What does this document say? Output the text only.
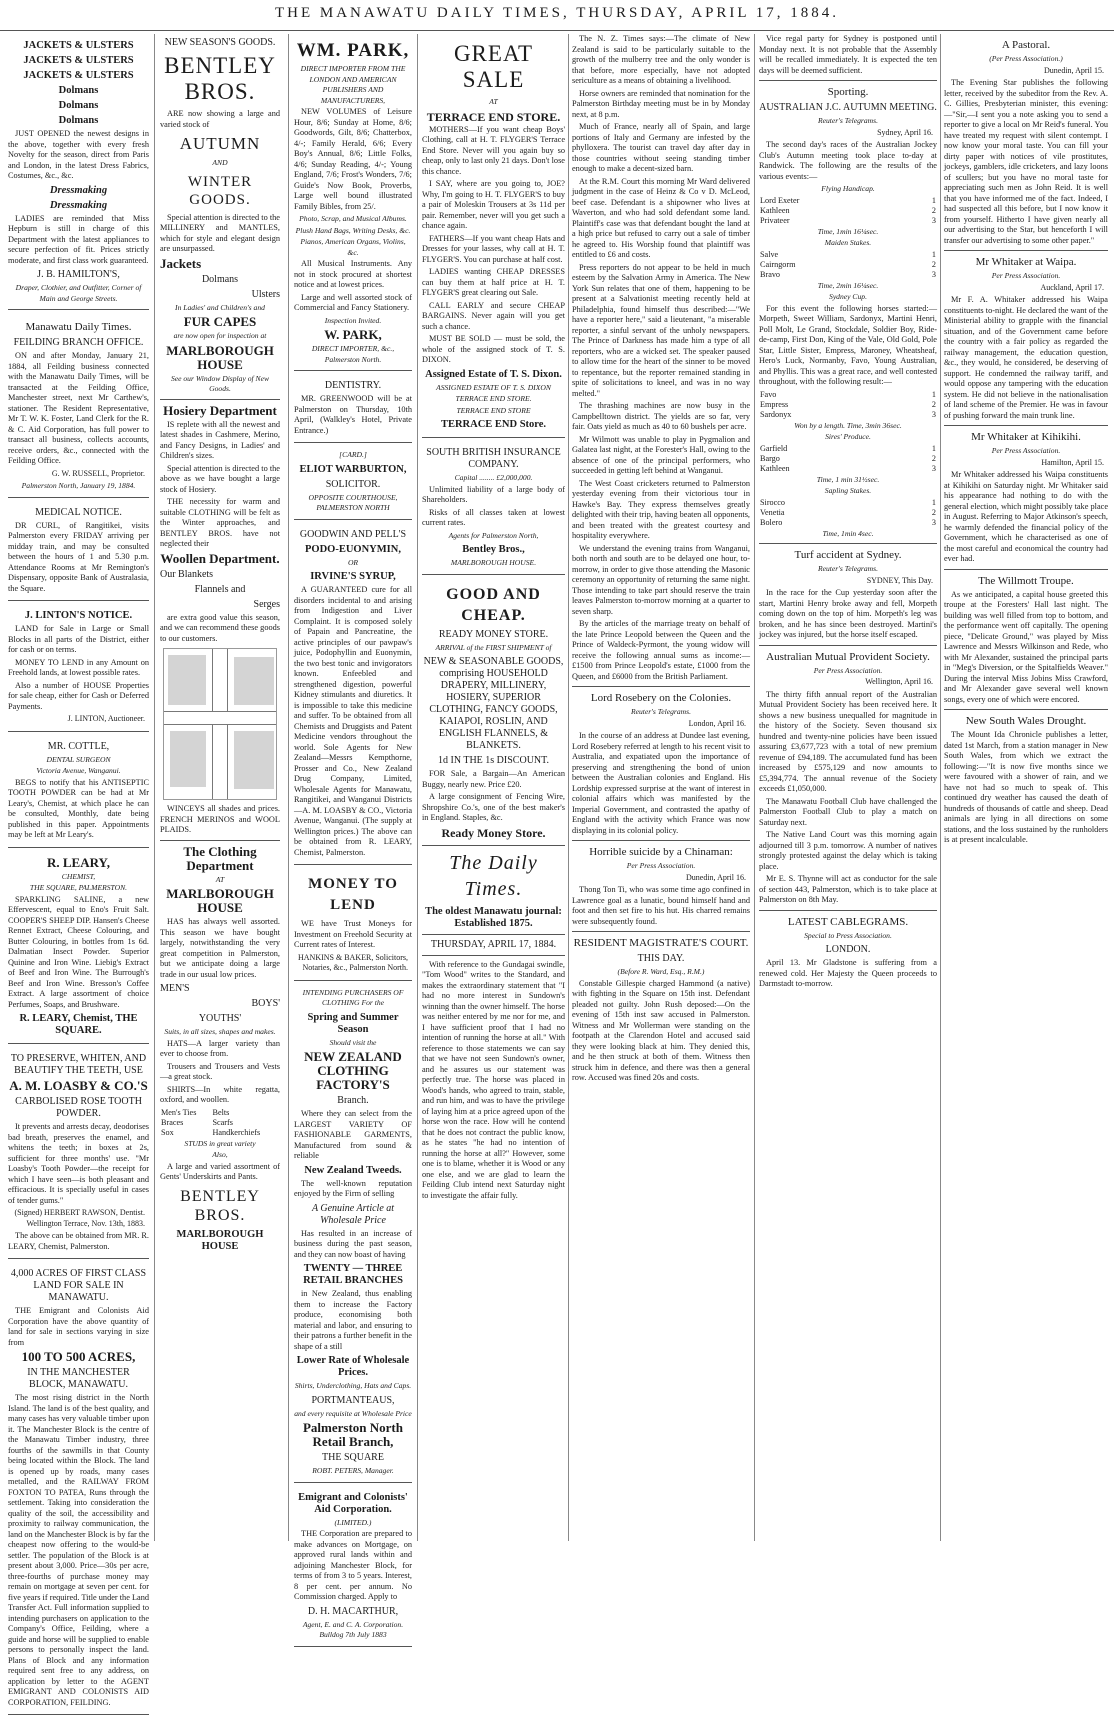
THE MANAWATU DAILY TIMES, THURSDAY, APRIL 17, 1884.
JACKETS & ULSTERS
JACKETS & ULSTERS
JACKETS & ULSTERS
Dolmans
Dolmans
Dolmans

JUST OPENED the newest designs in the above, together with every fresh Novelty for the season, direct from Paris and London, in the latest Dress Fabrics, Costumes, &c., &c.

Dressmaking
Dressmaking

LADIES are reminded that Miss Hepburn is still in charge of this Department with the latest appliances to secure perfection of fit. Prices strictly moderate, and first class work guaranteed.

J. B. HAMILTON'S,
Draper, Clothier, and Outfitter, Corner of Main and George Streets.
Manawatu Daily Times.
FEILDING BRANCH OFFICE.

ON and after Monday, January 21, 1884, all Feilding business connected with the Manawatu Daily Times, will be transacted at the Feilding Office, Manchester street, next Mr Carthew's, stationer. The Resident Representative, Mr T. W. K. Foster, Land Clerk for the R. & C. Aid Corporation, has full power to transact all business, collects accounts, receive orders, &c., connected with the Feilding Office.

G. W. RUSSELL, Proprietor.
Palmerston North, January 19, 1884.
MEDICAL NOTICE.

DR CURL, of Rangitikei, visits Palmerston every FRIDAY arriving per midday train, and may be consulted between the hours of 1 and 5.30 p.m. Attendance Rooms at Mr Remington's Dispensary, opposite Bank of Australasia, the Square.

J. LINTON'S NOTICE.

LAND for Sale in Large or Small Blocks in all parts of the District, either for cash or on terms.

MONEY TO LEND in any Amount on Freehold lands, at lowest possible rates.

Also a number of HOUSE Properties for sale cheap, either for Cash or Deferred Payments.

J. LINTON, Auctioneer.
MR. COTTLE,
DENTAL SURGEON
Victoria Avenue, Wanganui.

BEGS to notify that his ANTISEPTIC TOOTH POWDER can be had at Mr Leary's, Chemist, at which place he can be consulted, Monthly, date being published in this paper. Appointments may be left at Mr Leary's.

R. LEARY,
CHEMIST,
THE SQUARE, PALMERSTON.

SPARKLING SALINE, a new Effervescent, equal to Eno's Fruit Salt. COOPER'S SHEEP DIP. Hansen's Cheese Rennet Extract, Cheese Colouring, and Butter Colouring, in bottles from 1s 6d. Dalmatian Insect Powder. Superior Quinine and Iron Wine. Liebig's Extract of Beef and Iron Wine. The Burrough's Beef and Iron Wine. Bresson's Coffee Extract. A large assortment of choice Perfumes, Soaps, and Brushware.

R. LEARY, Chemist, THE SQUARE.
TO PRESERVE, WHITEN, AND BEAUTIFY THE TEETH, USE
A. M. LOASBY & CO.'S
CARBOLISED ROSE TOOTH POWDER.

It prevents and arrests decay, deodorises bad breath, preserves the enamel, and whitens the teeth; in boxes at 2s, sufficient for three months' use. "Mr Loasby's Tooth Powder—the receipt for which I have seen—is both pleasant and efficacious. It is specially useful in cases of tender gums."

(Signed) HERBERT RAWSON, Dentist. Wellington Terrace, Nov. 13th, 1883.

The above can be obtained from MR. R. LEARY, Chemist, Palmerston.

4,000 ACRES OF FIRST CLASS LAND FOR SALE IN MANAWATU.

THE Emigrant and Colonists Aid Corporation have the above quantity of land for sale in sections varying in size from

100 TO 500 ACRES,
IN THE MANCHESTER BLOCK, MANAWATU.

The most rising district in the North Island. The land is of the best quality, and many cases has very valuable timber upon it. The Manchester Block is the centre of the Manawatu Timber industry, three fourths of the sawmills in that County being located within the Block. The land is opened up by roads, many cases metalled, and the RAILWAY FROM FOXTON TO PATEA, Runs through the settlement. Taking into consideration the quality of the soil, the accessibility and proximity to railway communication, the land on the Manchester Block is by far the cheapest now offering to the would-be settler. The population of the Block is at present about 3,000. Price—30s per acre, three-fourths of purchase money may remain on mortgage at seven per cent. for five years if required. Title under the Land Transfer Act. Full information supplied to intending purchasers on application to the Company's Office, Feilding, where a guide and horse will be supplied to enable persons to personally inspect the land. Plans of Block and any information required sent free to any address, on application by letter to the AGENT EMIGRANT AND COLONISTS AID CORPORATION, FEILDING.

NEW SEASON'S GOODS.
BENTLEY BROS.

ARE now showing a large and varied stock of

AUTUMN
AND
WINTER GOODS.

Special attention is directed to the MILLINERY and MANTLES, which for style and elegant design are unsurpassed.

Jackets
Dolmans
Ulsters
In Ladies' and Children's and
FUR CAPES
are now open for inspection at
MARLBOROUGH HOUSE
See our Window Display of New Goods.
Hosiery Department

IS replete with all the newest and latest shades in Cashmere, Merino, and Fancy Designs, in Ladies' and Children's sizes.

Special attention is directed to the above as we have bought a large stock of Hosiery.

THE necessity for warm and suitable CLOTHING will be felt as the Winter approaches, and BENTLEY BROS. have not neglected their

Woollen Department.
Our Blankets
Flannels and
Serges

are extra good value this season, and we can recommend these goods to our customers.

WINCEYS all shades and prices. FRENCH MERINOS and WOOL PLAIDS.

The Clothing Department
AT
MARLBOROUGH HOUSE

HAS has always well assorted. This season we have bought largely, notwithstanding the very great competition in Palmerston, but we anticipate doing a large trade in our usual low prices.

MEN'S
BOYS'
YOUTHS'
Suits, in all sizes, shapes and makes.

HATS—A larger variety than ever to choose from.

Trousers and Trousers and Vests—a great stock.

SHIRTS—In white regatta, oxford, and woollen.

Men's Ties	Belts
Braces	Scarfs
Sox	Handkerchiefs
STUDS in great variety
Also,

A large and varied assortment of Gents' Underskirts and Pants.

BENTLEY BROS.
MARLBOROUGH HOUSE
WM. PARK,
DIRECT IMPORTER FROM THE LONDON AND AMERICAN PUBLISHERS AND MANUFACTURERS,

NEW VOLUMES of Leisure Hour, 8/6; Sunday at Home, 8/6; Goodwords, Gilt, 8/6; Chatterbox, 4/-; Family Herald, 6/6; Every Boy's Annual, 8/6; Little Folks, 4/6; Sunday Reading, 4/-; Young England, 7/6; Frost's Wonders, 7/6; Guide's Now Book, Proverbs, Large well bound illustrated Family Bibles, from 25/.

Photo, Scrap, and Musical Albums.
Plush Hand Bags, Writing Desks, &c.
Pianos, American Organs, Violins, &c.

All Musical Instruments. Any not in stock procured at shortest notice and at lowest prices.

Large and well assorted stock of Commercial and Fancy Stationery.

Inspection Invited.
W. PARK,
DIRECT IMPORTER, &c., Palmerston North.
DENTISTRY.

MR. GREENWOOD will be at Palmerston on Thursday, 10th April, (Walkley's Hotel, Private Entrance.)

[CARD.]
ELIOT WARBURTON,
SOLICITOR.
OPPOSITE COURTHOUSE, PALMERSTON NORTH
GOODWIN AND PELL'S
PODO-EUONYMIN,
OR
IRVINE'S SYRUP,

A GUARANTEED cure for all disorders incidental to and arising from Indigestion and Liver Complaint. It is composed solely of Papain and Pancreatine, the active principles of our pawpaw's juice, Podophyllin and Euonymin, the two best tonic and invigorators known. Enfeebled and strengthened digestion, powerful Kidney stimulants and diuretics. It is impossible to take this medicine and suffer. To be obtained from all Chemists and Druggists and Patent Medicine vendors throughout the world. Sole Agents for New Zealand—Messrs Kempthorne, Prosser and Co., New Zealand Drug Company, Limited, Wholesale Agents for Manawatu, Rangitikei, and Wanganui Districts—A. M. LOASBY & CO., Victoria Avenue, Wanganui. (The supply at Wellington prices.) The above can be obtained from R. LEARY, Chemist, Palmerston.

MONEY TO LEND

WE have Trust Moneys for Investment on Freehold Security at Current rates of Interest.

HANKINS & BAKER, Solicitors, Notaries, &c., Palmerston North.
INTENDING PURCHASERS OF CLOTHING For the
Spring and Summer Season
Should visit the
NEW ZEALAND CLOTHING FACTORY'S
Branch.

Where they can select from the LARGEST VARIETY OF FASHIONABLE GARMENTS, Manufactured from sound & reliable

New Zealand Tweeds.

The well-known reputation enjoyed by the Firm of selling

A Genuine Article at Wholesale Price

Has resulted in an increase of business during the past season, and they can now boast of having

TWENTY — THREE RETAIL BRANCHES

in New Zealand, thus enabling them to increase the Factory produce, economising both material and labor, and ensuring to their patrons a further benefit in the shape of a still

Lower Rate of Wholesale Prices.
Shirts, Underclothing, Hats and Caps.
PORTMANTEAUS,
and every requisite at Wholesale Price
Palmerston North Retail Branch,
THE SQUARE
ROBT. PETERS, Manager.
Emigrant and Colonists' Aid Corporation.
(LIMITED.)

THE Corporation are prepared to make advances on Mortgage, on approved rural lands within and adjoining Manchester Block, for terms of from 3 to 5 years. Interest, 8 per cent. per annum. No Commission charged. Apply to

D. H. MACARTHUR,
Agent, E. and C. A. Corporation. Bulldog 7th July 1883
GREAT SALE
AT
TERRACE END STORE.

MOTHERS—If you want cheap Boys' Clothing, call at H. T. FLYGER'S Terrace End Store. Never will you again buy so cheap, only to last only 21 days. Don't lose this chance.

I SAY, where are you going to, JOE? Why, I'm going to H. T. FLYGER'S to buy a pair of Moleskin Trousers at 3s 11d per pair. Remember, never will you get such a chance again.

FATHERS—If you want cheap Hats and Dresses for your lasses, why call at H. T. FLYGER'S. You can purchase at half cost.

LADIES wanting CHEAP DRESSES can buy them at half price at H. T. FLYGER'S great clearing out Sale.

CALL EARLY and secure CHEAP BARGAINS. Never again will you get such a chance.

MUST BE SOLD — must be sold, the whole of the assigned stock of T. S. DIXON.

Assigned Estate of T. S. Dixon.
ASSIGNED ESTATE OF T. S. DIXON
TERRACE END STORE.
TERRACE END STORE
TERRACE END Store.
SOUTH BRITISH INSURANCE COMPANY.
Capital ........ £2,000,000.

Unlimited liability of a large body of Shareholders.

Risks of all classes taken at lowest current rates.

Agents for Palmerston North,
Bentley Bros.,
MARLBOROUGH HOUSE.
GOOD AND CHEAP.
READY MONEY STORE.
ARRIVAL of the FIRST SHIPMENT of
NEW & SEASONABLE GOODS, comprising HOUSEHOLD DRAPERY, MILLINERY, HOSIERY, SUPERIOR CLOTHING, FANCY GOODS, KAIAPOI, ROSLIN, AND ENGLISH FLANNELS, & BLANKETS.
1d IN THE 1s DISCOUNT.

FOR Sale, a Bargain—An American Buggy, nearly new. Price £20.

A large consignment of Fencing Wire, Shropshire Co.'s, one of the best maker's in England. Staples, &c.

Ready Money Store.
The Daily Times.
The oldest Manawatu journal: Established 1875.
THURSDAY, APRIL 17, 1884.

With reference to the Gundagai swindle, "Tom Wood" writes to the Standard, and makes the extraordinary statement that "I had no more interest in Sundown's winning than the owner himself. The horse was neither entered by me nor for me, and I have sufficient proof that I had no intention of running the horse at all." With reference to those statements we can say that we have not seen Sundown's owner, and he assures us our statement was perfectly true. The horse was placed in Wood's hands, who agreed to train, stable, and run him, and was to have the privilege of laying him at a price agreed upon of the horse won the race. How will he contend that he does not contract the public know, as he states "he had no intention of running the horse at all?" However, some one is to blame, whether it is Wood or any one else, and we are glad to learn the Feilding Club intend next Saturday night to investigate the affair fully.

The N. Z. Times says:—The climate of New Zealand is said to be particularly suitable to the growth of the mulberry tree and the only wonder is that before, more especially, have not adopted sericulture as a means of obtaining a livelihood.

Horse owners are reminded that nomination for the Palmerston Birthday meeting must be in by Monday next, at 8 p.m.

Much of France, nearly all of Spain, and large portions of Italy and Germany are infested by the phylloxera. The tourist can travel day after day in those countries without seeing standing timber enough to make a decent-sized barn.

At the R.M. Court this morning Mr Ward delivered judgment in the case of Heinz & Co v D. McLeod, beef case. Defendant is a shipowner who lives at Waverton, and who had sold defendant some land. Plaintiff's case was that defendant bought the land at a high price but refused to carry out a sale of timber he agreed to. His Worship found that plaintiff was entitled to £6 and costs.

Press reporters do not appear to be held in much esteem by the Salvation Army in America. The New York Sun relates that one of them, happening to be present at a Salvationist meeting recently held at Philadelphia, found himself thus described:—"We have a reporter here," said a lieutenant, "a miserable reporter, a sinful servant of the unholy newspapers. The Prince of Darkness has made him a type of all reporters, who are a wicked set. The speaker paused to allow time for the heart of the sinner to be moved to repentance, but the reporter remained standing in spite of solicitations to kneel, and was in no way melted."

The thrashing machines are now busy in the Campbelltown district. The yields are so far, very fair. Oats yield as much as 40 to 60 bushels per acre.

Mr Wilmott was unable to play in Pygmalion and Galatea last night, at the Forester's Hall, owing to the absence of one of the principal performers, who succeeded in getting left behind at Wanganui.

The West Coast cricketers returned to Palmerston yesterday evening from their victorious tour in Hawke's Bay. They express themselves greatly delighted with their trip, having beaten all opponents, and been treated with the greatest courtesy and hospitality everywhere.

We understand the evening trains from Wanganui, both north and south are to be delayed one hour, to-morrow, in order to give those attending the Masonic ceremony an opportunity of returning the same night. Those intending to take part should reserve the train leaves Palmerston to-morrow morning at a quarter to seven sharp.

By the articles of the marriage treaty on behalf of the late Prince Leopold between the Queen and the Prince of Waldeck-Pyrmont, the young widow will receive the following annual sums as income:—£1500 from Prince Leopold's estate, £1000 from the Queen, and £6000 from the British Parliament.

Lord Rosebery on the Colonies.
Reuter's Telegrams.
London, April 16.

In the course of an address at Dundee last evening, Lord Rosebery referred at length to his recent visit to Australia, and expatiated upon the importance of preserving and strengthening the bond of union between the Australian colonies and England. His Lordship expressed surprise at the want of interest in colonial affairs which was manifested by the Imperial Government, and contrasted the apathy of England with the activity which France was now displaying in its colonial policy.

Horrible suicide by a Chinaman:
Per Press Association.
Dunedin, April 16.

Thong Ton Ti, who was some time ago confined in Lawrence goal as a lunatic, bound himself hand and foot and then set fire to his hut. His charred remains were subsequently found.

RESIDENT MAGISTRATE'S COURT.
THIS DAY.
(Before R. Ward, Esq., R.M.)

Constable Gillespie charged Hammond (a native) with fighting in the Square on 15th inst. Defendant pleaded not guilty. John Rush deposed:—On the evening of 15th inst saw accused in Palmerston. Witness and Mr Wollerman were standing on the footpath at the Clarendon Hotel and accused said they were looking black at him. They denied this, and he then struck at both of them. Witness then struck him in defence, and there was then a general row. Accused was fined 20s and costs.

Vice regal party for Sydney is postponed until Monday next. It is not probable that the Assembly will be recalled immediately. It is expected the ten days will be deemed sufficient.

Sporting.
AUSTRALIAN J.C. AUTUMN MEETING.
Reuter's Telegrams.
Sydney, April 16.

The second day's races of the Australian Jockey Club's Autumn meeting took place to-day at Randwick. The following are the results of the various events:—

Flying Handicap.
Lord Exeter	1
Kathleen	2
Privateer	3
Time, 1min 16¼sec.
Maiden Stakes.
Salve	1
Cairngorm	2
Bravo	3
Time, 2min 16¼sec.
Sydney Cup.

For this event the following horses started:—Morpeth, Sweet William, Sardonyx, Martini Henri, Poll Molt, Le Grand, Stockdale, Soldier Boy, Ride-de-camp, First Don, King of the Vale, Old Gold, Pole Star, Little Sister, Empress, Maroney, Wheatsheaf, Hero's Luck, Normanby, Favo, Young Australian, and Phyllis. This was a great race, and well contested throughout, with the following result:—

Favo	1
Empress	2
Sardonyx	3
Won by a length. Time, 3min 36sec.
Sires' Produce.
Garfield	1
Bargo	2
Kathleen	3
Time, 1 min 31½sec.
Sapling Stakes.
Sirocco	1
Venetia	2
Bolero	3
Time, 1min 4sec.
Turf accident at Sydney.
Reuter's Telegrams.
SYDNEY, This Day.

In the race for the Cup yesterday soon after the start, Martini Henry broke away and fell, Morpeth coming down on the top of him. Morpeth's leg was broken, and he has since been destroyed. Martini's jockey was injured, but the horse itself escaped.

Australian Mutual Provident Society.
Per Press Association.
Wellington, April 16.

The thirty fifth annual report of the Australian Mutual Provident Society has been received here. It shows a new business unequalled for magnitude in the history of the Society. Seven thousand six hundred and twenty-nine policies have been issued assuring £3,677,723 with a total of new premium revenue of £94,189. The accumulated fund has been increased by £575,129 and now amounts to £5,394,774. The annual revenue of the Society exceeds £1,050,000.

The Manawatu Football Club have challenged the Palmerston Football Club to play a match on Saturday next.

The Native Land Court was this morning again adjourned till 3 p.m. tomorrow. A number of natives strongly protested against the delay which is taking place.

Mr E. S. Thynne will act as conductor for the sale of section 443, Palmerston, which is to take place at Palmerston on 8th May.

LATEST CABLEGRAMS.
Special to Press Association.
LONDON.

April 13. Mr Gladstone is suffering from a renewed cold. Her Majesty the Queen proceeds to Darmstadt to-morrow.

A Pastoral.
(Per Press Association.)
Dunedin, April 15.

The Evening Star publishes the following letter, received by the subeditor from the Rev. A. C. Gillies, Presbyterian minister, this evening:—"Sir,—I sent you a note asking you to send a reporter to give a local on Mr Reid's funeral. You have treated my request with silent contempt. I now know your moral taste. You can fill your dirty paper with notices of vile prostitutes, jockeys, gamblers, idle cricketers, and lazy loons of scullers; but you have no moral taste for appreciating such men as John Reid. It is well that you have informed me of the fact. Indeed, I had suspected all this before, but I now know it from yourself. Hitherto I have given nearly all our advertising to the Star, but henceforth I will transfer our advertising to some other paper."

Mr Whitaker at Waipa.
Per Press Association.
Auckland, April 17.

Mr F. A. Whitaker addressed his Waipa constituents to-night. He declared the want of the Ministerial ability to grapple with the financial situation, and of the Government came before the country with a fair policy as regarded the railway management, the education question, &c., they would, he considered, be deserving of support. He condemned the railway tariff, and would oppose any tampering with the education system. He did not believe in the nationalisation of land scheme of the Premier. He was in favour of pushing forward the main trunk line.

Mr Whitaker at Kihikihi.
Per Press Association.
Hamilton, April 15.

Mr Whitaker addressed his Waipa constituents at Kihikihi on Saturday night. Mr Whitaker said his appearance had nothing to do with the general election, which might possibly take place in August. Referring to Major Atkinson's speech, he warmly defended the financial policy of the Government, which he characterised as one of the most careful and economical the country had ever had.

The Willmott Troupe.

As we anticipated, a capital house greeted this troupe at the Foresters' Hall last night. The building was well filled from top to bottom, and the performance went off capitally. The opening piece, "Delicate Ground," was played by Miss Lawrence and Messrs Wilkinson and Rede, who with Mr Alexander, sustained the principal parts in "Meg's Diversion, or the Spitalfields Weaver." During the interval Miss Jobins Miss Crawford, and Mr Alexander gave several well known songs, every one of which were encored.

New South Wales Drought.

The Mount Ida Chronicle publishes a letter, dated 1st March, from a station manager in New South Wales, from which we extract the following:—"It is now five months since we were favoured with a shower of rain, and we have not had so much to speak of. This continued dry weather has caused the death of hundreds of thousands of cattle and sheep. Dead animals are lying in all directions on some stations, and the loss sustained by the runholders is at present incalculable.
